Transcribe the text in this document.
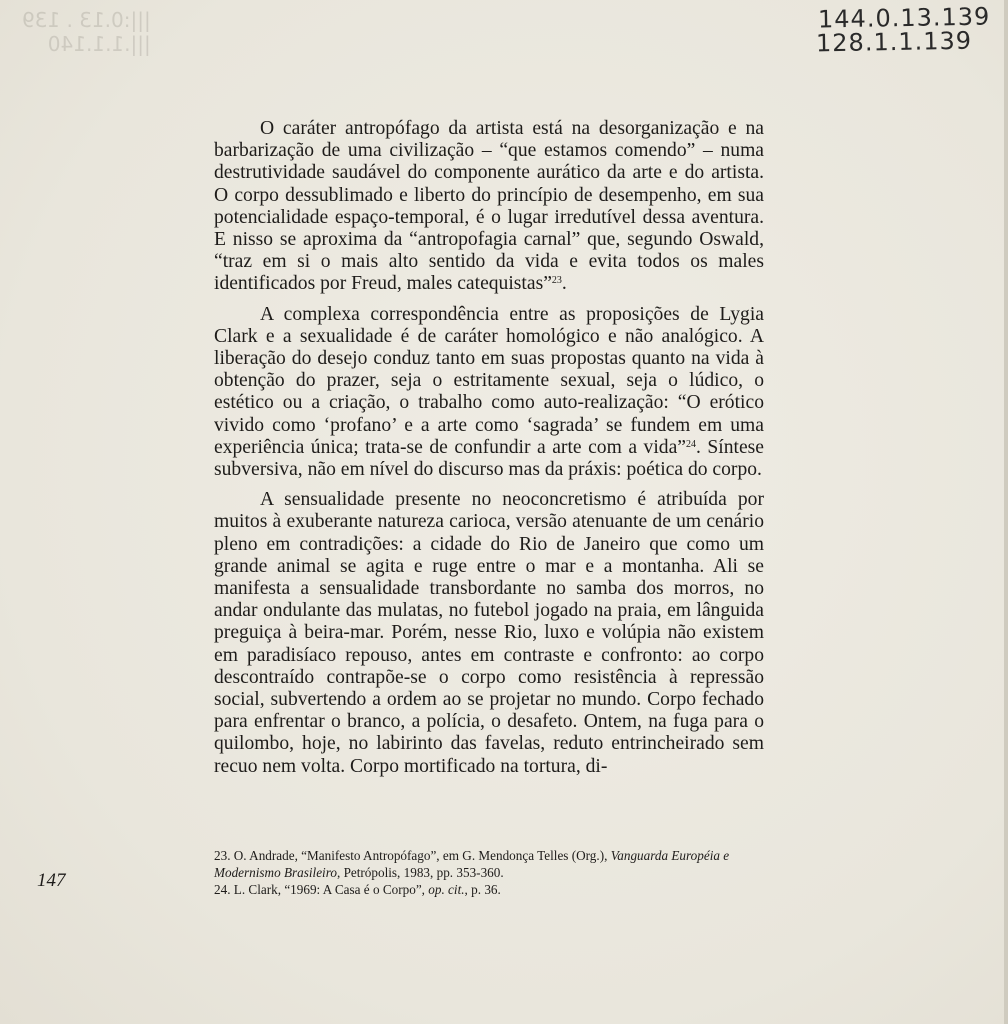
|||:0.13 . 139
|||.1.1.140
144.0.13.139
128.1.1.139

O caráter antropófago da artista está na desorganização e na barbarização de uma civilização – “que estamos comendo” – numa destrutividade saudável do componente aurático da arte e do artista. O corpo dessublimado e liberto do princípio de desempenho, em sua potencialidade espaço-temporal, é o lugar irredutível dessa aventura. E nisso se aproxima da “antropofagia carnal” que, segundo Oswald, “traz em si o mais alto sentido da vida e evita todos os males identificados por Freud, males catequistas”$^{23}$.

A complexa correspondência entre as proposições de Lygia Clark e a sexualidade é de caráter homológico e não analógico. A liberação do desejo conduz tanto em suas propostas quanto na vida à obtenção do prazer, seja o estritamente sexual, seja o lúdico, o estético ou a criação, o trabalho como auto-realização: “O erótico vivido como ‘profano’ e a arte como ‘sagrada’ se fundem em uma experiência única; trata-se de confundir a arte com a vida”$^{24}$. Síntese subversiva, não em nível do discurso mas da práxis: poética do corpo.

A sensualidade presente no neoconcretismo é atribuída por muitos à exuberante natureza carioca, versão atenuante de um cenário pleno em contradições: a cidade do Rio de Janeiro que como um grande animal se agita e ruge entre o mar e a montanha. Ali se manifesta a sensualidade transbordante no samba dos morros, no andar ondulante das mulatas, no futebol jogado na praia, em lânguida preguiça à beira-mar. Porém, nesse Rio, luxo e volúpia não existem em paradisíaco repouso, antes em contraste e confronto: ao corpo descontraído contrapõe-se o corpo como resistência à repressão social, subvertendo a ordem ao se projetar no mundo. Corpo fechado para enfrentar o branco, a polícia, o desafeto. Ontem, na fuga para o quilombo, hoje, no labirinto das favelas, reduto entrincheirado sem recuo nem volta. Corpo mortificado na tortura, di-

147

23. O. Andrade, “Manifesto Antropófago”, em G. Mendonça Telles (Org.), Vanguarda Européia e Modernismo Brasileiro, Petrópolis, 1983, pp. 353-360.

24. L. Clark, “1969: A Casa é o Corpo”, op. cit., p. 36.
